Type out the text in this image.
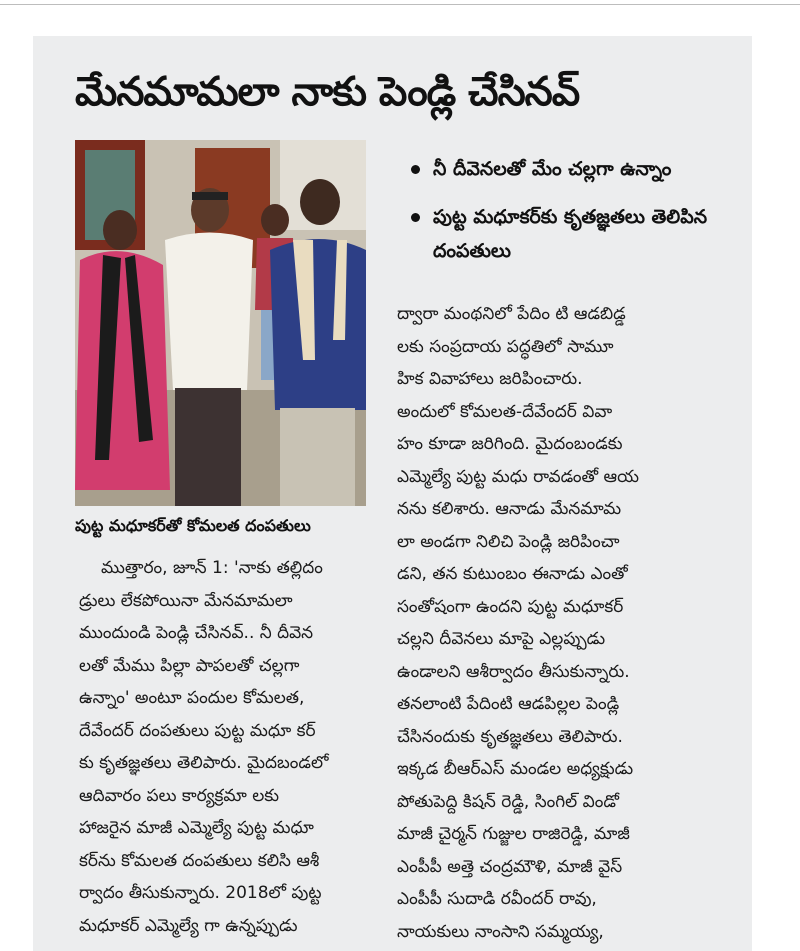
మేనమామలా నాకు పెండ్లి చేసినవ్
పుట్ట మధూకర్‌తో కోమలత దంపతులు
నీ దీవెనలతో మేం చల్లగా ఉన్నాం
పుట్ట మధూకర్‌కు కృతజ్ఞతలు తెలిపిన దంపతులు
ముత్తారం, జూన్ 1: 'నాకు తల్లిదం
డ్రులు లేకపోయినా మేనమామలా
ముందుండి పెండ్లి చేసినవ్.. నీ దీవెన
లతో మేము పిల్లా పాపలతో చల్లగా
ఉన్నాం' అంటూ పందుల కోమలత,
దేవేందర్ దంపతులు పుట్ట మధూ కర్
కు కృతజ్ఞతలు తెలిపారు. మైదబండలో
ఆదివారం పలు కార్యక్రమా లకు
హాజరైన మాజీ ఎమ్మెల్యే పుట్ట మధూ
కర్‌ను కోమలత దంపతులు కలిసి ఆశీ
ర్వాదం తీసుకున్నారు. 2018లో పుట్ట
మధూకర్ ఎమ్మెల్యే గా ఉన్నప్పుడు
ద్వారా మంథనిలో పేదిం టి ఆడబిడ్డ
లకు సంప్రదాయ పద్ధతిలో సామూ
హిక వివాహాలు జరిపించారు.
అందులో కోమలత-దేవేందర్ వివా
హం కూడా జరిగింది. మైదంబండకు
ఎమ్మెల్యే పుట్ట మధు రావడంతో ఆయ
నను కలిశారు. ఆనాడు మేనమామ
లా అండగా నిలిచి పెండ్లి జరిపించా
డని, తన కుటుంబం ఈనాడు ఎంతో
సంతోషంగా ఉందని పుట్ట మధూకర్
చల్లని దీవెనలు మాపై ఎల్లప్పుడు
ఉండాలని ఆశీర్వాదం తీసుకున్నారు.
తనలాంటి పేదింటి ఆడపిల్లల పెండ్లి
చేసినందుకు కృతజ్ఞతలు తెలిపారు.
ఇక్కడ బీఆర్‌ఎస్ మండల అధ్యక్షుడు
పోతుపెద్ది కిషన్ రెడ్డి, సింగిల్ విండో
మాజీ చైర్మన్ గుజ్జుల రాజిరెడ్డి, మాజీ
ఎంపీపీ అత్తె చంద్రమౌళి, మాజీ వైస్
ఎంపీపీ సుదాడి రవీందర్ రావు,
నాయకులు నాంసాని సమ్మయ్య,
